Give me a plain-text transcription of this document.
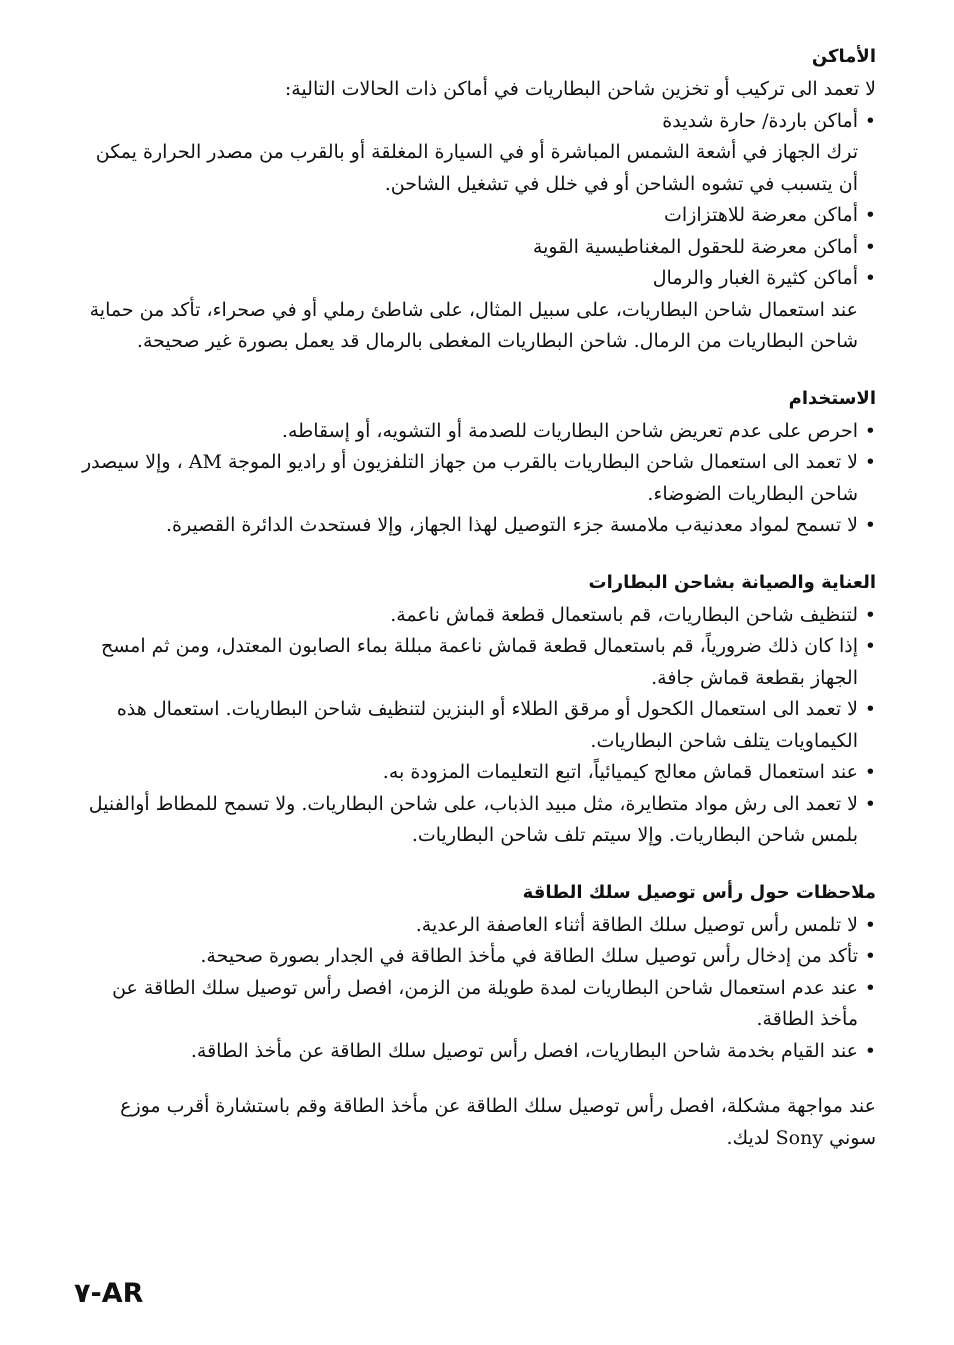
الأماكن

لا تعمد الى تركيب أو تخزين شاحن البطاريات في أماكن ذات الحالات التالية:

• أماكن باردة/ حارة شديدة

ترك الجهاز في أشعة الشمس المباشرة أو في السيارة المغلقة أو بالقرب من مصدر الحرارة يمكن أن يتسبب في تشوه الشاحن أو في خلل في تشغيل الشاحن.

• أماكن معرضة للاهتزازات
• أماكن معرضة للحقول المغناطيسية القوية
• أماكن كثيرة الغبار والرمال

عند استعمال شاحن البطاريات، على سبيل المثال، على شاطئ رملي أو في صحراء، تأكد من حماية شاحن البطاريات من الرمال. شاحن البطاريات المغطى بالرمال قد يعمل بصورة غير صحيحة.

الاستخدام
• احرص على عدم تعريض شاحن البطاريات للصدمة أو التشويه، أو إسقاطه.
• لا تعمد الى استعمال شاحن البطاريات بالقرب من جهاز التلفزيون أو راديو الموجة AM ، وإلا سيصدر شاحن البطاريات الضوضاء.
• لا تسمح لمواد معدنيةب ملامسة جزء التوصيل لهذا الجهاز، وإلا فستحدث الدائرة القصيرة.
العناية والصيانة بشاحن البطارات
• لتنظيف شاحن البطاريات، قم باستعمال قطعة قماش ناعمة.
• إذا كان ذلك ضرورياً، قم باستعمال قطعة قماش ناعمة مبللة بماء الصابون المعتدل، ومن ثم امسح الجهاز بقطعة قماش جافة.
• لا تعمد الى استعمال الكحول أو مرقق الطلاء أو البنزين لتنظيف شاحن البطاريات. استعمال هذه الكيماويات يتلف شاحن البطاريات.
• عند استعمال قماش معالج كيميائياً، اتبع التعليمات المزودة به.
• لا تعمد الى رش مواد متطايرة، مثل مبيد الذباب، على شاحن البطاريات. ولا تسمح للمطاط أوالفنيل بلمس شاحن البطاريات. وإلا سيتم تلف شاحن البطاريات.
ملاحظات حول رأس توصيل سلك الطاقة
• لا تلمس رأس توصيل سلك الطاقة أثناء العاصفة الرعدية.
• تأكد من إدخال رأس توصيل سلك الطاقة في مأخذ الطاقة في الجدار بصورة صحيحة.
• عند عدم استعمال شاحن البطاريات لمدة طويلة من الزمن، افصل رأس توصيل سلك الطاقة عن مأخذ الطاقة.
• عند القيام بخدمة شاحن البطاريات، افصل رأس توصيل سلك الطاقة عن مأخذ الطاقة.

عند مواجهة مشكلة، افصل رأس توصيل سلك الطاقة عن مأخذ الطاقة وقم باستشارة أقرب موزع سوني Sony لديك.

٧-AR
